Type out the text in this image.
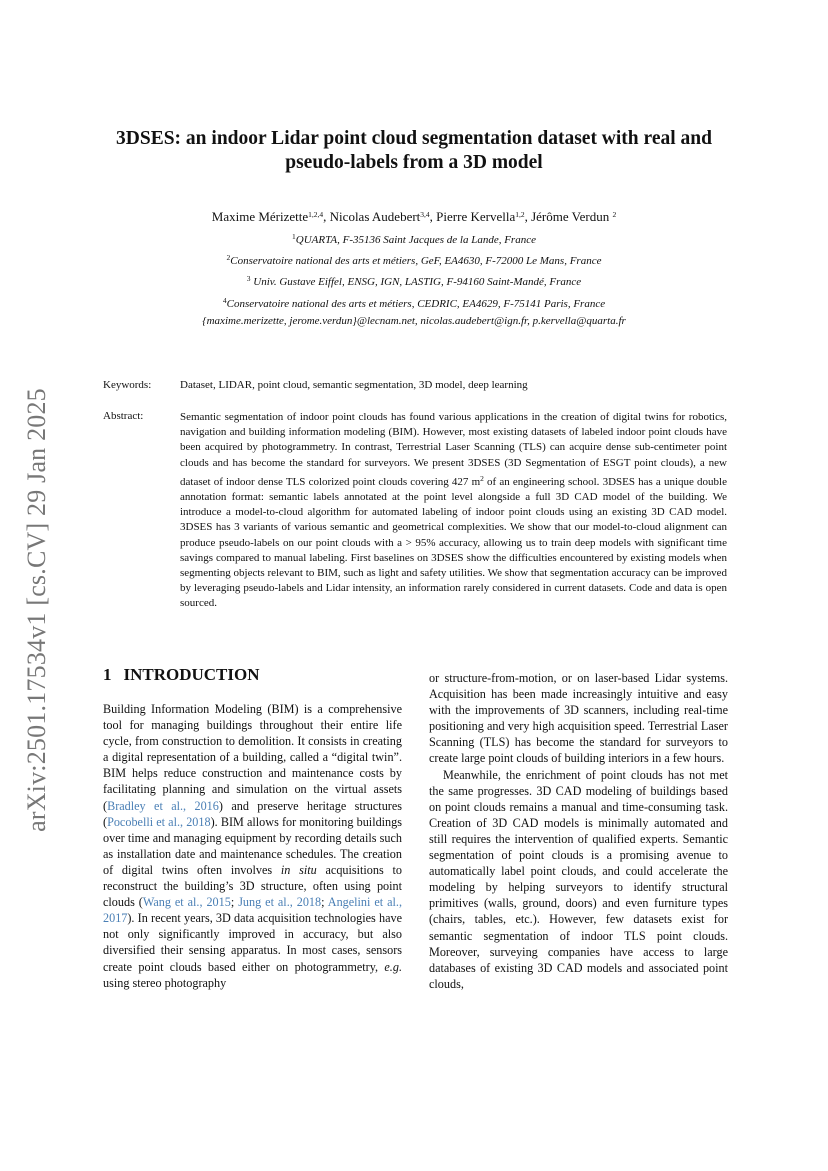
arXiv:2501.17534v1 [cs.CV] 29 Jan 2025
3DSES: an indoor Lidar point cloud segmentation dataset with real and
pseudo-labels from a 3D model
Maxime Mérizette$^{1,2,4}$, Nicolas Audebert$^{3,4}$, Pierre Kervella$^{1,2}$, Jérôme Verdun $^2$
$^1$QUARTA, F-35136 Saint Jacques de la Lande, France
$^2$Conservatoire national des arts et métiers, GeF, EA4630, F-72000 Le Mans, France
$^3$ Univ. Gustave Eiffel, ENSG, IGN, LASTIG, F-94160 Saint-Mandé, France
$^4$Conservatoire national des arts et métiers, CEDRIC, EA4629, F-75141 Paris, France
{maxime.merizette, jerome.verdun}@lecnam.net, nicolas.audebert@ign.fr, p.kervella@quarta.fr
Keywords:	Dataset, LIDAR, point cloud, semantic segmentation, 3D model, deep learning
Abstract:	Semantic segmentation of indoor point clouds has found various applications in the creation of digital twins for robotics, navigation and building information modeling (BIM). However, most existing datasets of labeled indoor point clouds have been acquired by photogrammetry. In contrast, Terrestrial Laser Scanning (TLS) can acquire dense sub-centimeter point clouds and has become the standard for surveyors. We present 3DSES (3D Segmentation of ESGT point clouds), a new dataset of indoor dense TLS colorized point clouds covering 427 $m^2$ of an engineering school. 3DSES has a unique double annotation format: semantic labels annotated at the point level alongside a full 3D CAD model of the building. We introduce a model-to-cloud algorithm for automated labeling of indoor point clouds using an existing 3D CAD model. 3DSES has 3 variants of various semantic and geometrical complexities. We show that our model-to-cloud alignment can produce pseudo-labels on our point clouds with a > 95% accuracy, allowing us to train deep models with significant time savings compared to manual labeling. First baselines on 3DSES show the difficulties encountered by existing models when segmenting objects relevant to BIM, such as light and safety utilities. We show that segmentation accuracy can be improved by leveraging pseudo-labels and Lidar intensity, an information rarely considered in current datasets. Code and data is open sourced.
1 INTRODUCTION

Building Information Modeling (BIM) is a comprehensive tool for managing buildings throughout their entire life cycle, from construction to demolition. It consists in creating a digital representation of a building, called a “digital twin”. BIM helps reduce construction and maintenance costs by facilitating planning and simulation on the virtual assets (Bradley et al., 2016) and preserve heritage structures (Pocobelli et al., 2018). BIM allows for monitoring buildings over time and managing equipment by recording details such as installation date and maintenance schedules. The creation of digital twins often involves in situ acquisitions to reconstruct the building’s 3D structure, often using point clouds (Wang et al., 2015; Jung et al., 2018; Angelini et al., 2017). In recent years, 3D data acquisition technologies have not only significantly improved in accuracy, but also diversified their sensing apparatus. In most cases, sensors create point clouds based either on photogrammetry, e.g. using stereo photography

or structure-from-motion, or on laser-based Lidar systems. Acquisition has been made increasingly intuitive and easy with the improvements of 3D scanners, including real-time positioning and very high acquisition speed. Terrestrial Laser Scanning (TLS) has become the standard for surveyors to create large point clouds of building interiors in a few hours.

Meanwhile, the enrichment of point clouds has not met the same progresses. 3D CAD modeling of buildings based on point clouds remains a manual and time-consuming task. Creation of 3D CAD models is minimally automated and still requires the intervention of qualified experts. Semantic segmentation of point clouds is a promising avenue to automatically label point clouds, and could accelerate the modeling by helping surveyors to identify structural primitives (walls, ground, doors) and even furniture types (chairs, tables, etc.). However, few datasets exist for semantic segmentation of indoor TLS point clouds. Moreover, surveying companies have access to large databases of existing 3D CAD models and associated point clouds,
